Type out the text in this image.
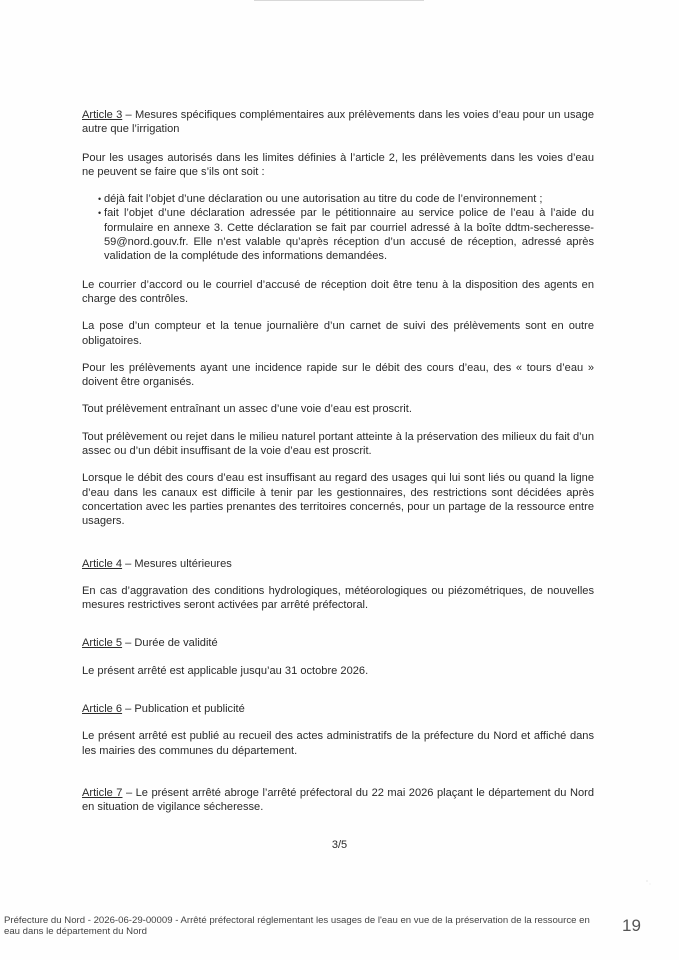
Article 3 – Mesures spécifiques complémentaires aux prélèvements dans les voies d’eau pour un usage autre que l’irrigation

Pour les usages autorisés dans les limites définies à l’article 2, les prélèvements dans les voies d’eau ne peuvent se faire que s’ils ont soit :

• déjà fait l’objet d’une déclaration ou une autorisation au titre du code de l’environnement ;
• fait l’objet d’une déclaration adressée par le pétitionnaire au service police de l’eau à l’aide du formulaire en annexe 3. Cette déclaration se fait par courriel adressé à la boîte ddtm-secheresse-59@nord.gouv.fr. Elle n’est valable qu’après réception d’un accusé de réception, adressé après validation de la complétude des informations demandées.

Le courrier d’accord ou le courriel d’accusé de réception doit être tenu à la disposition des agents en charge des contrôles.

La pose d’un compteur et la tenue journalière d’un carnet de suivi des prélèvements sont en outre obligatoires.

Pour les prélèvements ayant une incidence rapide sur le débit des cours d’eau, des « tours d’eau » doivent être organisés.

Tout prélèvement entraînant un assec d’une voie d’eau est proscrit.

Tout prélèvement ou rejet dans le milieu naturel portant atteinte à la préservation des milieux du fait d’un assec ou d’un débit insuffisant de la voie d’eau est proscrit.

Lorsque le débit des cours d’eau est insuffisant au regard des usages qui lui sont liés ou quand la ligne d’eau dans les canaux est difficile à tenir par les gestionnaires, des restrictions sont décidées après concertation avec les parties prenantes des territoires concernés, pour un partage de la ressource entre usagers.

Article 4 – Mesures ultérieures

En cas d’aggravation des conditions hydrologiques, météorologiques ou piézométriques, de nouvelles mesures restrictives seront activées par arrêté préfectoral.

Article 5 – Durée de validité

Le présent arrêté est applicable jusqu’au 31 octobre 2026.

Article 6 – Publication et publicité

Le présent arrêté est publié au recueil des actes administratifs de la préfecture du Nord et affiché dans les mairies des communes du département.

Article 7 – Le présent arrêté abroge l’arrêté préfectoral du 22 mai 2026 plaçant le département du Nord en situation de vigilance sécheresse.

3/5
Préfecture du Nord - 2026-06-29-00009 - Arrêté préfectoral réglementant les usages de l'eau en vue de la préservation de la ressource en eau dans le département du Nord	19
